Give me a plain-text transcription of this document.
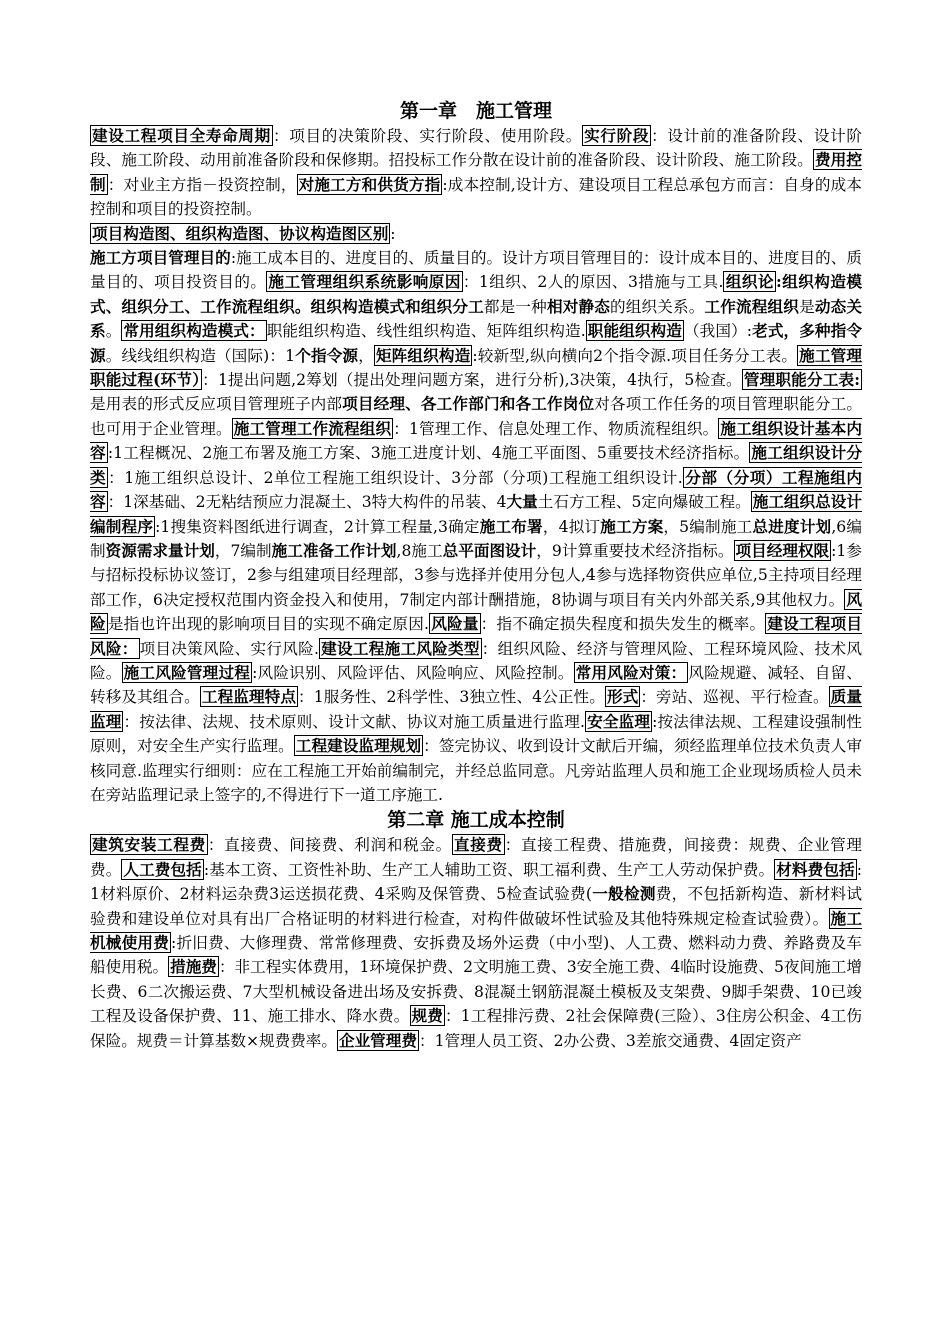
第一章　施工管理

建设工程项目全寿命周期 ：项目的决策阶段、实行阶段、使用阶段。 实行阶段 ：设计前的准备阶段、设计阶段、施工阶段、动用前准备阶段和保修期。招投标工作分散在设计前的准备阶段、设计阶段、施工阶段。 费用控制 ：对业主方指－投资控制， 对施工方和供货方指 :成本控制,设计方、建设项目工程总承包方而言：自身的成本控制和项目的投资控制。

项目构造图、组织构造图、协议构造图区别 :

施工方项目管理目的:施工成本目的、进度目的、质量目的。设计方项目管理目的：设计成本目的、进度目的、质量目的、项目投资目的。 施工管理组织系统影响原因 ：1组织、2人的原因、3措施与工具. 组织论 :组织构造模式、组织分工、工作流程组织。组织构造模式和组织分工都是一种相对静态的组织关系。工作流程组织是动态关系。 常用组织构造模式： 职能组织构造、线性组织构造、矩阵组织构造. 职能组织构造 （我国）:老式，多种指令源。线线组织构造（国际)：1个指令源， 矩阵组织构造 :较新型,纵向横向2个指令源.项目任务分工表。 施工管理职能过程(环节） ：1提出问题,2筹划（提出处理问题方案，进行分析),3决策，4执行，5检查。 管理职能分工表:是用表的形式反应项目管理班子内部项目经理、各工作部门和各工作岗位对各项工作任务的项目管理职能分工。也可用于企业管理。 施工管理工作流程组织 ：1管理工作、信息处理工作、物质流程组织。 施工组织设计基本内容 :1工程概况、2施工布署及施工方案、3施工进度计划、4施工平面图、5重要技术经济指标。 施工组织设计分类 ：1施工组织总设计、2单位工程施工组织设计、3分部（分项)工程施工组织设计. 分部（分项）工程施组内容 ：1深基础、2无粘结预应力混凝土、3特大构件的吊装、4大量土石方工程、5定向爆破工程。 施工组织总设计编制程序 :1搜集资料图纸进行调查，2计算工程量,3确定施工布署，4拟订施工方案，5编制施工总进度计划,6编制资源需求量计划，7编制施工准备工作计划,8施工总平面图设计，9计算重要技术经济指标。 项目经理权限 :1参与招标投标协议签订，2参与组建项目经理部，3参与选择并使用分包人,4参与选择物资供应单位,5主持项目经理部工作，6决定授权范围内资金投入和使用，7制定内部计酬措施，8协调与项目有关内外部关系,9其他权力。 风险 是指也许出现的影响项目目的实现不确定原因. 风险量 ：指不确定损失程度和损失发生的概率。 建设工程项目风险： 项目决策风险、实行风险. 建设工程施工风险类型 ：组织风险、经济与管理风险、工程环境风险、技术风险。 施工风险管理过程 :风险识别、风险评估、风险响应、风险控制。 常用风险对策： 风险规避、减轻、自留、转移及其组合。 工程监理特点 ：1服务性、2科学性、3独立性、4公正性。 形式 ：旁站、巡视、平行检查。 质量监理 ：按法律、法规、技术原则、设计文献、协议对施工质量进行监理. 安全监理 :按法律法规、工程建设强制性原则，对安全生产实行监理。 工程建设监理规划 ：签完协议、收到设计文献后开编，须经监理单位技术负责人审核同意.监理实行细则：应在工程施工开始前编制完，并经总监同意。凡旁站监理人员和施工企业现场质检人员未在旁站监理记录上签字的,不得进行下一道工序施工.

第二章 施工成本控制

建筑安装工程费 ：直接费、间接费、利润和税金。 直接费 ：直接工程费、措施费，间接费：规费、企业管理费。 人工费包括 :基本工资、工资性补助、生产工人辅助工资、职工福利费、生产工人劳动保护费。 材料费包括 :1材料原价、2材料运杂费3运送损花费、4采购及保管费、5检查试验费(一般检测费，不包括新构造、新材料试验费和建设单位对具有出厂合格证明的材料进行检查，对构件做破坏性试验及其他特殊规定检查试验费）。 施工机械使用费 :折旧费、大修理费、常常修理费、安拆费及场外运费（中小型)、人工费、燃料动力费、养路费及车船使用税。 措施费 ：非工程实体费用，1环境保护费、2文明施工费、3安全施工费、4临时设施费、5夜间施工增长费、6二次搬运费、7大型机械设备进出场及安拆费、8混凝土钢筋混凝土模板及支架费、9脚手架费、10已竣工程及设备保护费、11、施工排水、降水费。 规费 ：1工程排污费、2社会保障费(三险）、3住房公积金、4工伤保险。规费＝计算基数×规费费率。 企业管理费 ：1管理人员工资、2办公费、3差旅交通费、4固定资产
